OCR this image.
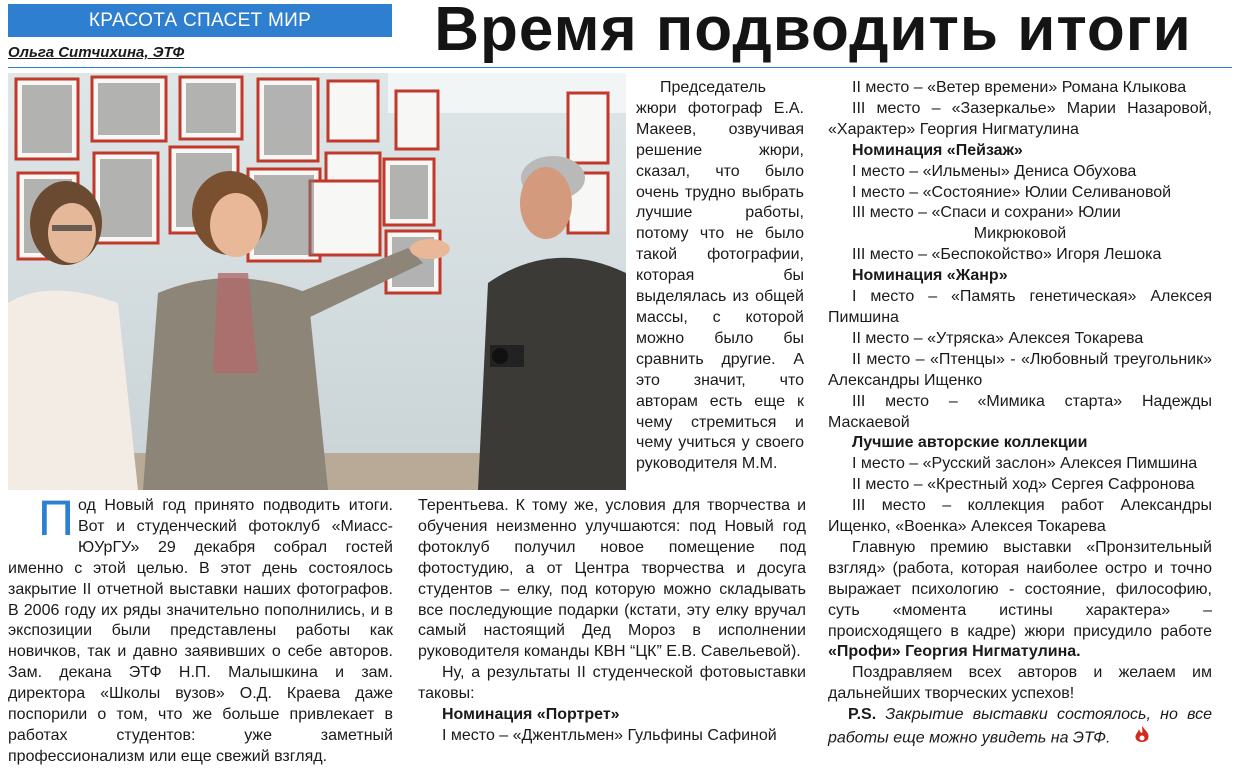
КРАСОТА СПАСЕТ МИР
Ольга Ситчихина, ЭТФ	Время подводить итоги

Председатель жюри фотограф Е.А. Макеев, озвучивая решение жюри, сказал, что было очень трудно выбрать лучшие работы, потому что не было такой фотографии, которая бы выделялась из общей массы, с которой можно было бы сравнить другие. А это значит, что авторам есть еще к чему стремиться и чему учиться у своего руководителя М.М.

Под Новый год принято подводить итоги. Вот и студенческий фотоклуб «Миасс-ЮУрГУ» 29 декабря собрал гостей именно с этой целью. В этот день состоялось закрытие II отчетной выставки наших фотографов. В 2006 году их ряды значительно пополнились, и в экспозиции были представлены работы как новичков, так и давно заявивших о себе авторов. Зам. декана ЭТФ Н.П. Малышкина и зам. директора «Школы вузов» О.Д. Краева даже поспорили о том, что же больше привлекает в работах студентов: уже заметный профессионализм или еще свежий взгляд.

Терентьева. К тому же, условия для творчества и обучения неизменно улучшаются: под Новый год фотоклуб получил новое помещение под фотостудию, а от Центра творчества и досуга студентов – елку, под которую можно складывать все последующие подарки (кстати, эту елку вручал самый настоящий Дед Мороз в исполнении руководителя команды КВН “ЦК” Е.В. Савельевой).

Ну, а результаты II студенческой фотовыставки таковы:

Номинация «Портрет»
I место – «Джентльмен» Гульфины Сафиной
II место – «Ветер времени» Романа Клыкова
III место – «Зазеркалье» Марии Назаровой, «Характер» Георгия Нигматулина
Номинация «Пейзаж»
I место – «Ильмены» Дениса Обухова
I место – «Состояние» Юлии Селивановой
III место – «Спаси и сохрани» Юлии
Микрюковой
III место – «Беспокойство» Игоря Лешока
Номинация «Жанр»
I место – «Память генетическая» Алексея Пимшина
II место – «Утряска» Алексея Токарева
II место – «Птенцы» - «Любовный треугольник» Александры Ищенко
III место – «Мимика старта» Надежды Маскаевой
Лучшие авторские коллекции
I место – «Русский заслон» Алексея Пимшина
II место – «Крестный ход» Сергея Сафронова
III место – коллекция работ Александры Ищенко, «Военка» Алексея Токарева

Главную премию выставки «Пронзительный взгляд» (работа, которая наиболее остро и точно выражает психологию - состояние, философию, суть «момента истины характера» – происходящего в кадре) жюри присудило работе «Профи» Георгия Нигматулина.

Поздравляем всех авторов и желаем им дальнейших творческих успехов!

P.S. Закрытие выставки состоялось, но все работы еще можно увидеть на ЭТФ.
